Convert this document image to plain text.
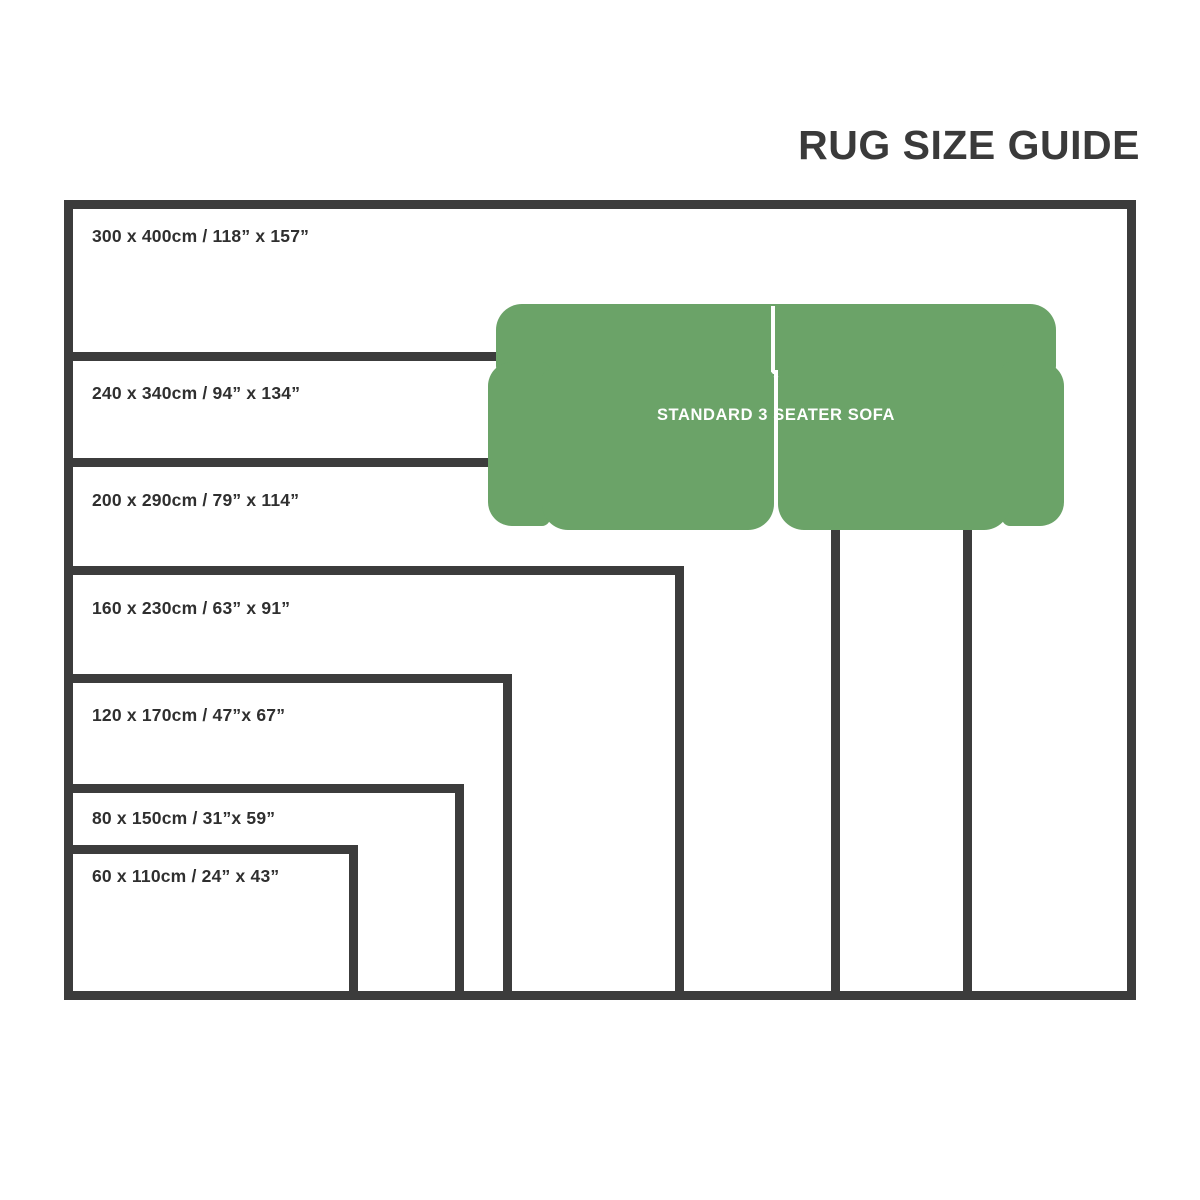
RUG SIZE GUIDE
300 x 400cm / 118” x 157”
240 x 340cm / 94” x 134”
200 x 290cm / 79” x 114”
STANDARD 3 SEATER SOFA
160 x 230cm / 63” x 91”
120 x 170cm / 47”x 67”
80 x 150cm / 31”x 59”
60 x 110cm / 24” x 43”
